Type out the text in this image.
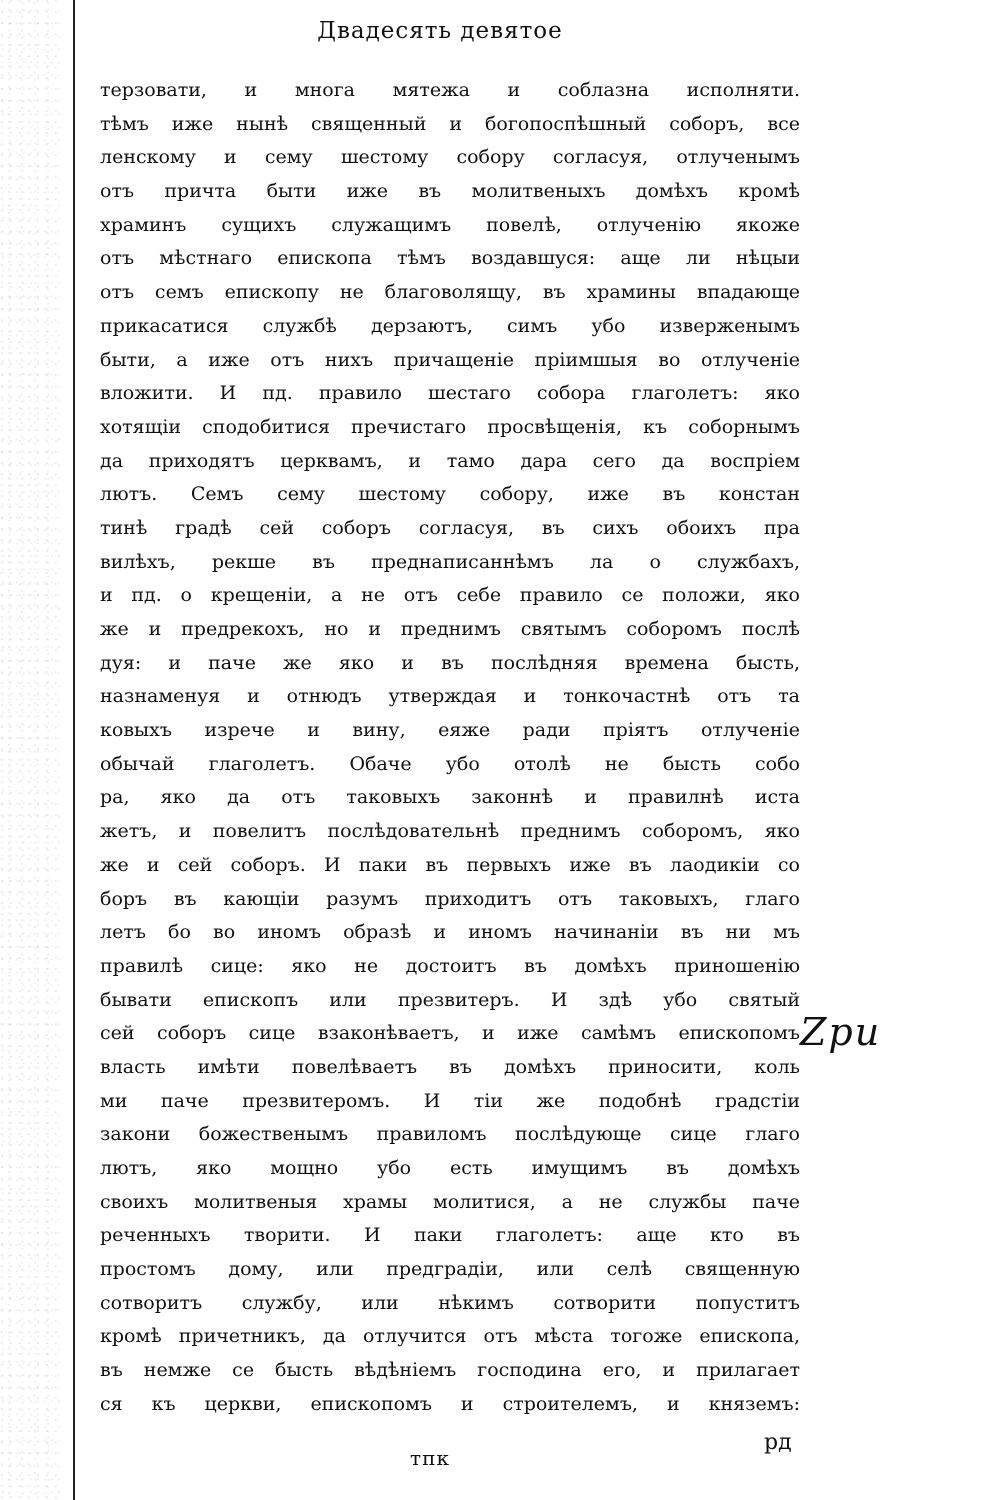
Двадесять девятое
терзовати, и многа мятежа и соблазна исполняти.
тѣмъ иже нынѣ священный и богопоспѣшный соборъ, все
ленскому и сему шестому собору согласуя, отлученымъ
отъ причта быти иже въ молитвеныхъ домѣхъ кромѣ
храминъ сущихъ служащимъ повелѣ, отлученію якоже
отъ мѣстнаго епископа тѣмъ воздавшуся: аще ли нѣцыи
отъ семъ епископу не благоволящу, въ храмины впадающе
прикасатися службѣ дерзаютъ, симъ убо изверженымъ
быти, а иже отъ нихъ причащеніе пріимшыя во отлученіе
вложити. И пд. правило шестаго собора глаголетъ: яко
хотящіи сподобитися пречистаго просвѣщенія, къ соборнымъ
да приходятъ церквамъ, и тамо дара сего да воспріем
лютъ. Семъ сему шестому собору, иже въ констан
тинѣ градѣ сей соборъ согласуя, въ сихъ обоихъ пра
вилѣхъ, рекше въ преднаписаннѣмъ ла о службахъ,
и пд. о крещеніи, а не отъ себе правило се положи, яко
же и предрекохъ, но и преднимъ святымъ соборомъ послѣ
дуя: и паче же яко и въ послѣдняя времена бысть,
назнаменуя и отнюдъ утверждая и тонкочастнѣ отъ та
ковыхъ изрече и вину, еяже ради пріятъ отлученіе
обычай глаголетъ. Обаче убо отолѣ не бысть собо
ра, яко да отъ таковыхъ законнѣ и правилнѣ иста
жетъ, и повелитъ послѣдовательнѣ преднимъ соборомъ, яко
же и сей соборъ. И паки въ первыхъ иже въ лаодикіи со
боръ въ кающіи разумъ приходитъ отъ таковыхъ, глаго
летъ бо во иномъ образѣ и иномъ начинаніи въ ни мъ
правилѣ сице: яко не достоитъ въ домѣхъ приношенію
бывати епископъ или презвитеръ. И здѣ убо святый
сей соборъ сице взаконѣваетъ, и иже самѣмъ епископомъ
власть имѣти повелѣваетъ въ домѣхъ приносити, коль
ми паче презвитеромъ. И тіи же подобнѣ градстіи
закони божественымъ правиломъ послѣдующе сице глаго
лютъ, яко мощно убо есть имущимъ въ домѣхъ
своихъ молитвеныя храмы молитися, а не службы паче
реченныхъ творити. И паки глаголетъ: аще кто въ
простомъ дому, или предградіи, или селѣ священную
сотворитъ службу, или нѣкимъ сотворити попуститъ
кромѣ причетникъ, да отлучится отъ мѣста тогоже епископа,
въ немже се бысть вѣдѣніемъ господина его, и прилагает
ся къ церкви, епископомъ и строителемъ, и княземъ:
Zри
тпк
рд
